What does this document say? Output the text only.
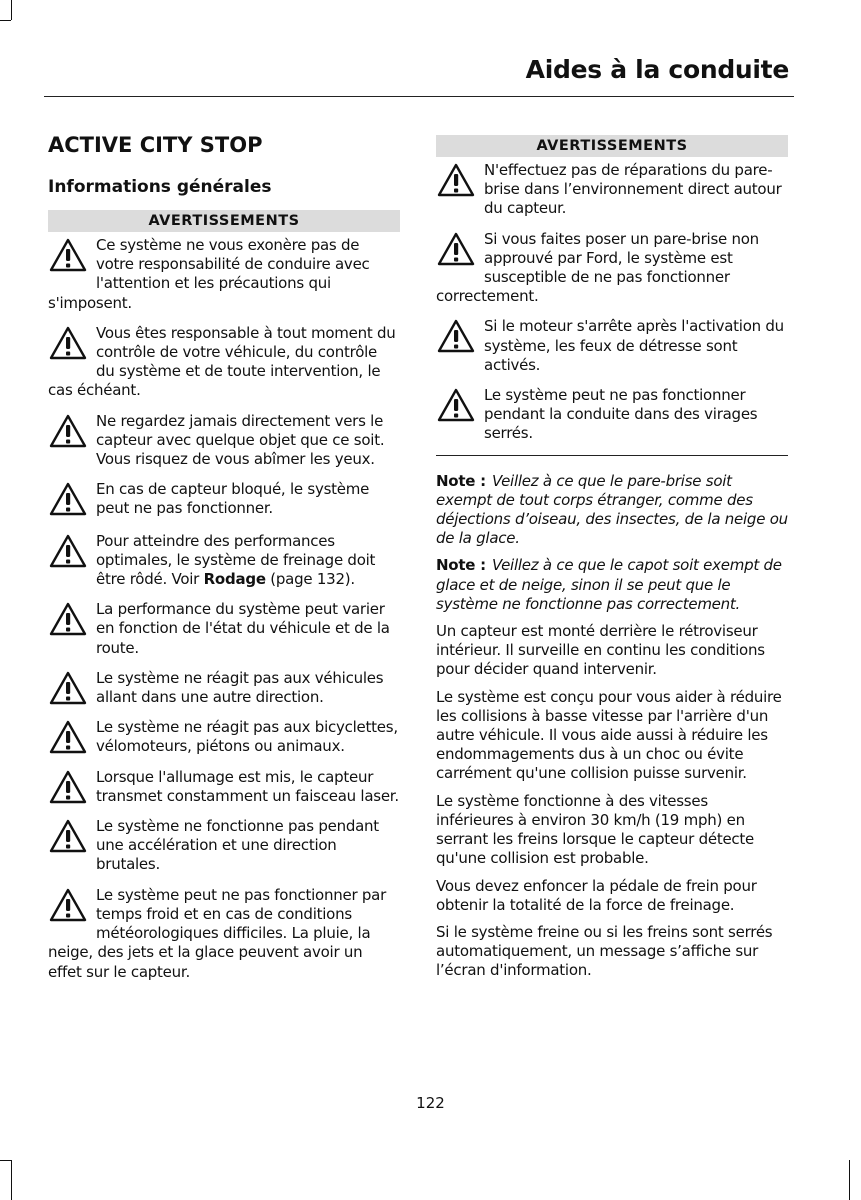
Aides à la conduite
ACTIVE CITY STOP
Informations générales
AVERTISSEMENTS
Ce système ne vous exonère pas de votre responsabilité de conduire avec l'attention et les précautions qui s'imposent.
Vous êtes responsable à tout moment du contrôle de votre véhicule, du contrôle du système et de toute intervention, le cas échéant.
Ne regardez jamais directement vers le capteur avec quelque objet que ce soit. Vous risquez de vous abîmer les yeux.
En cas de capteur bloqué, le système peut ne pas fonctionner.
Pour atteindre des performances optimales, le système de freinage doit être rôdé. Voir Rodage (page 132).
La performance du système peut varier en fonction de l'état du véhicule et de la route.
Le système ne réagit pas aux véhicules allant dans une autre direction.
Le système ne réagit pas aux bicyclettes, vélomoteurs, piétons ou animaux.
Lorsque l'allumage est mis, le capteur transmet constamment un faisceau laser.
Le système ne fonctionne pas pendant une accélération et une direction brutales.
Le système peut ne pas fonctionner par temps froid et en cas de conditions météorologiques difficiles. La pluie, la neige, des jets et la glace peuvent avoir un effet sur le capteur.
AVERTISSEMENTS
N'effectuez pas de réparations du pare-brise dans l’environnement direct autour du capteur.
Si vous faites poser un pare-brise non approuvé par Ford, le système est susceptible de ne pas fonctionner correctement.
Si le moteur s'arrête après l'activation du système, les feux de détresse sont activés.
Le système peut ne pas fonctionner pendant la conduite dans des virages serrés.
Note : Veillez à ce que le pare-brise soit exempt de tout corps étranger, comme des déjections d’oiseau, des insectes, de la neige ou de la glace.
Note : Veillez à ce que le capot soit exempt de glace et de neige, sinon il se peut que le système ne fonctionne pas correctement.
Un capteur est monté derrière le rétroviseur intérieur. Il surveille en continu les conditions pour décider quand intervenir.
Le système est conçu pour vous aider à réduire les collisions à basse vitesse par l'arrière d'un autre véhicule. Il vous aide aussi à réduire les endommagements dus à un choc ou évite carrément qu'une collision puisse survenir.
Le système fonctionne à des vitesses inférieures à environ 30 km/h (19 mph) en serrant les freins lorsque le capteur détecte qu'une collision est probable.
Vous devez enfoncer la pédale de frein pour obtenir la totalité de la force de freinage.
Si le système freine ou si les freins sont serrés automatiquement, un message s’affiche sur l’écran d'information.
122
